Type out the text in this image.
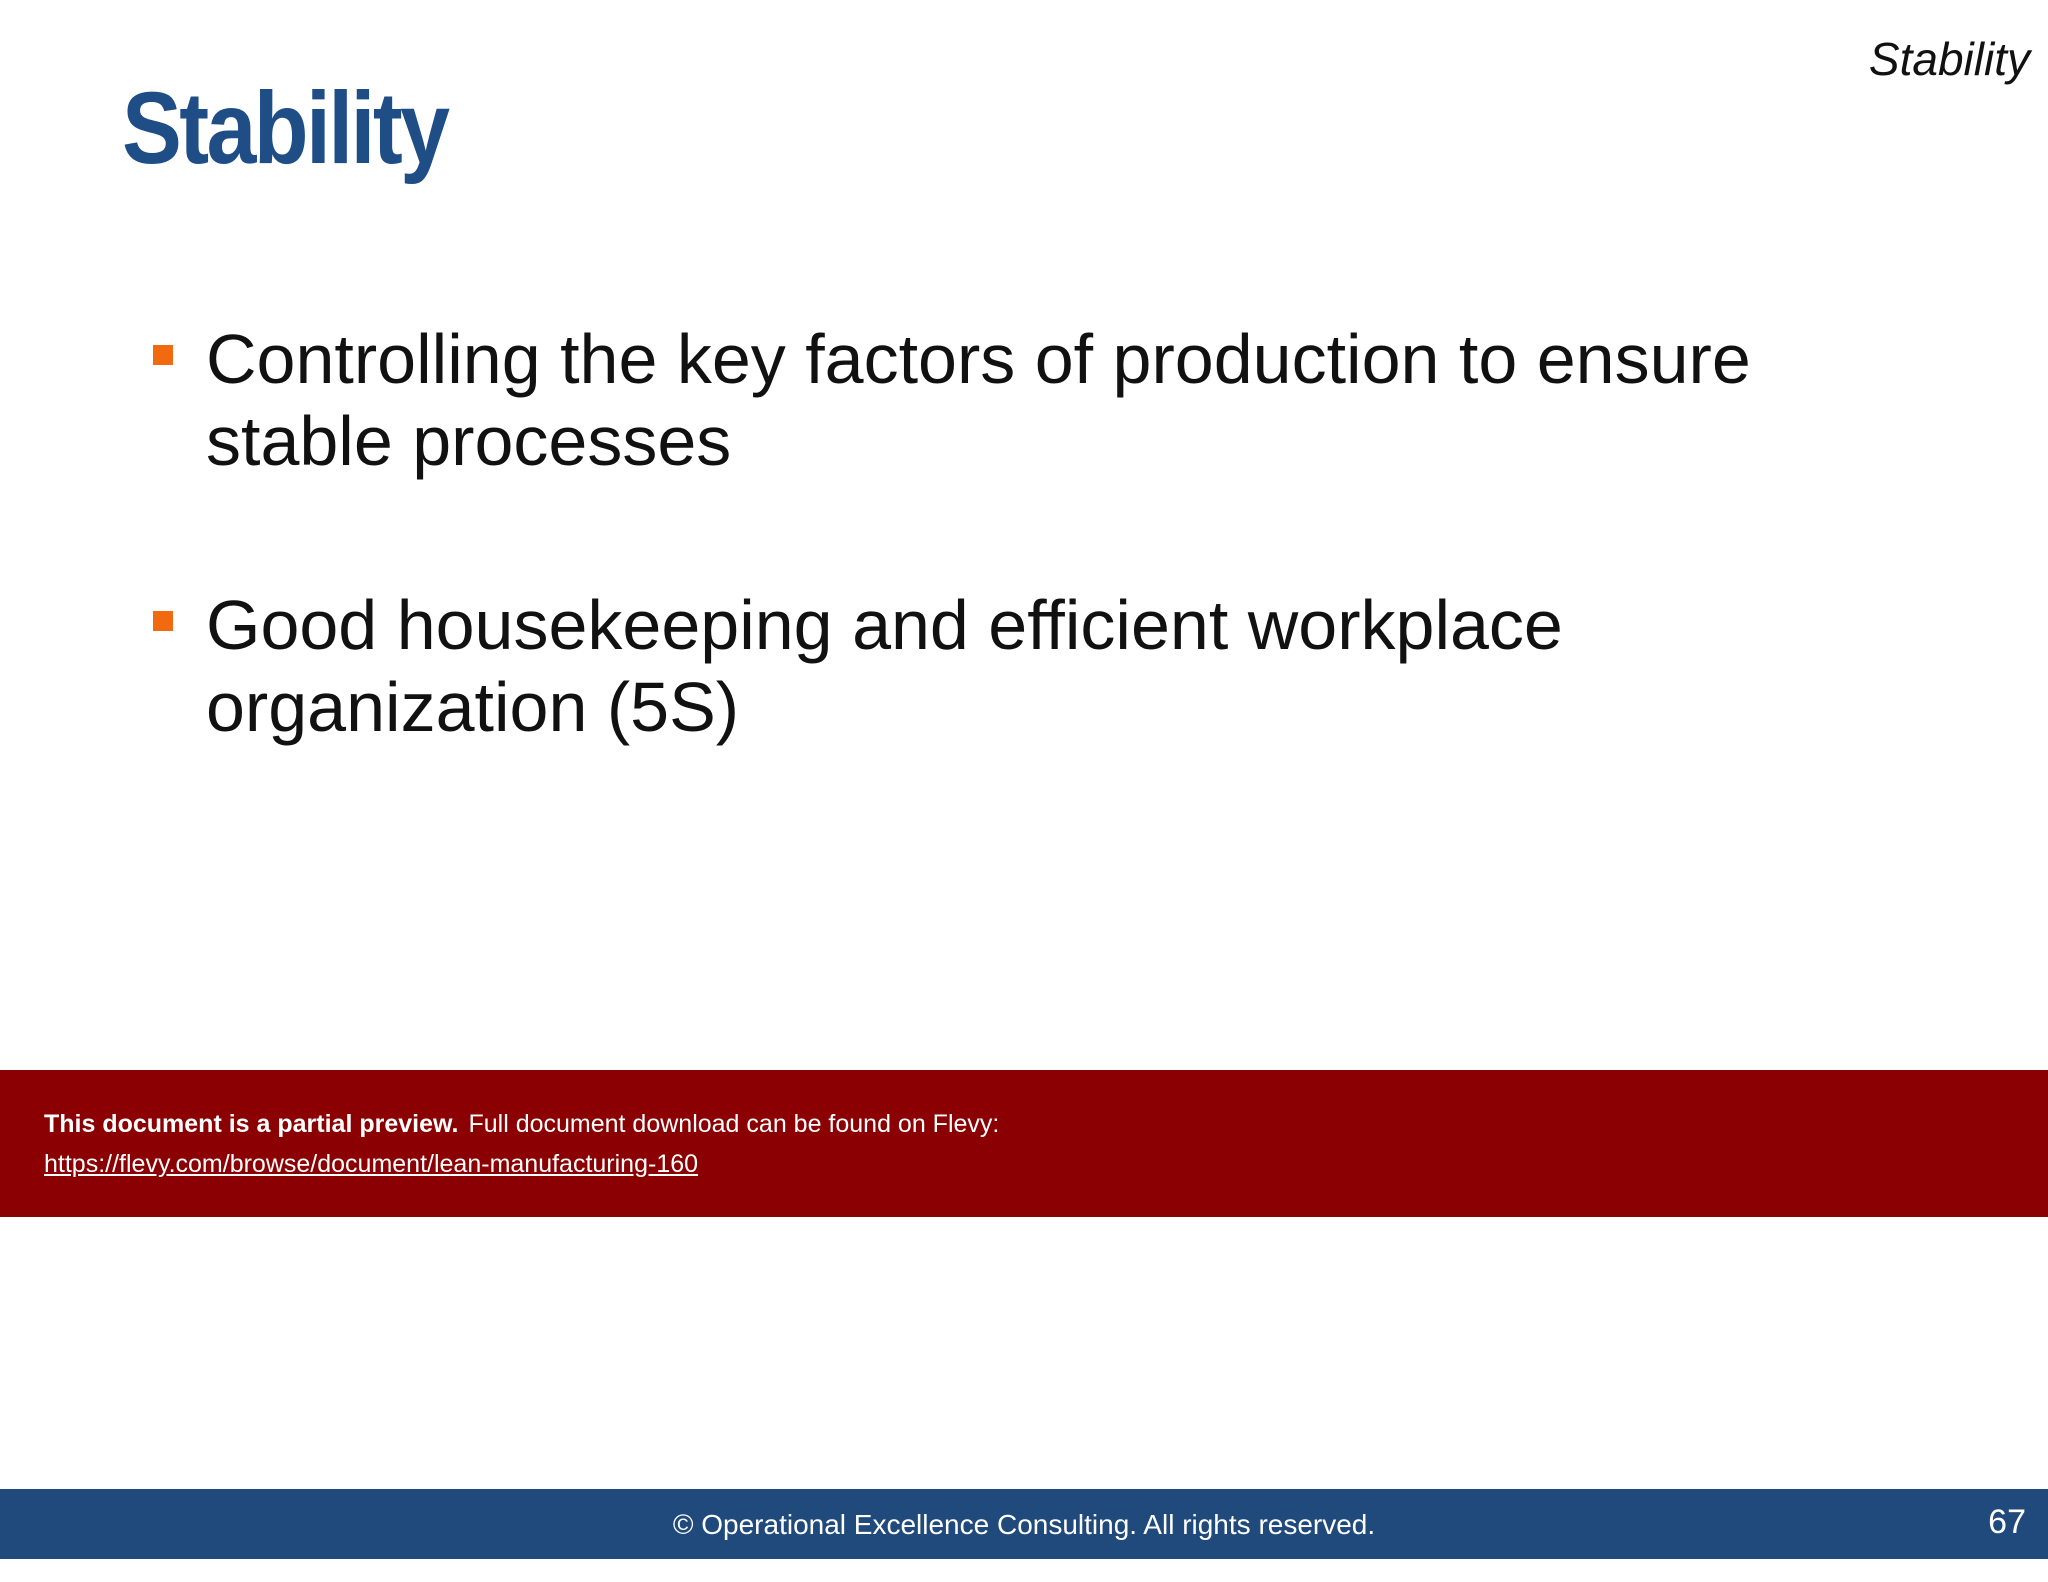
Stability
Stability
Controlling the key factors of production to ensure stable processes
Good housekeeping and efficient workplace organization (5S)
This document is a partial preview. Full document download can be found on Flevy:
https://flevy.com/browse/document/lean-manufacturing-160
© Operational Excellence Consulting. All rights reserved.	67
